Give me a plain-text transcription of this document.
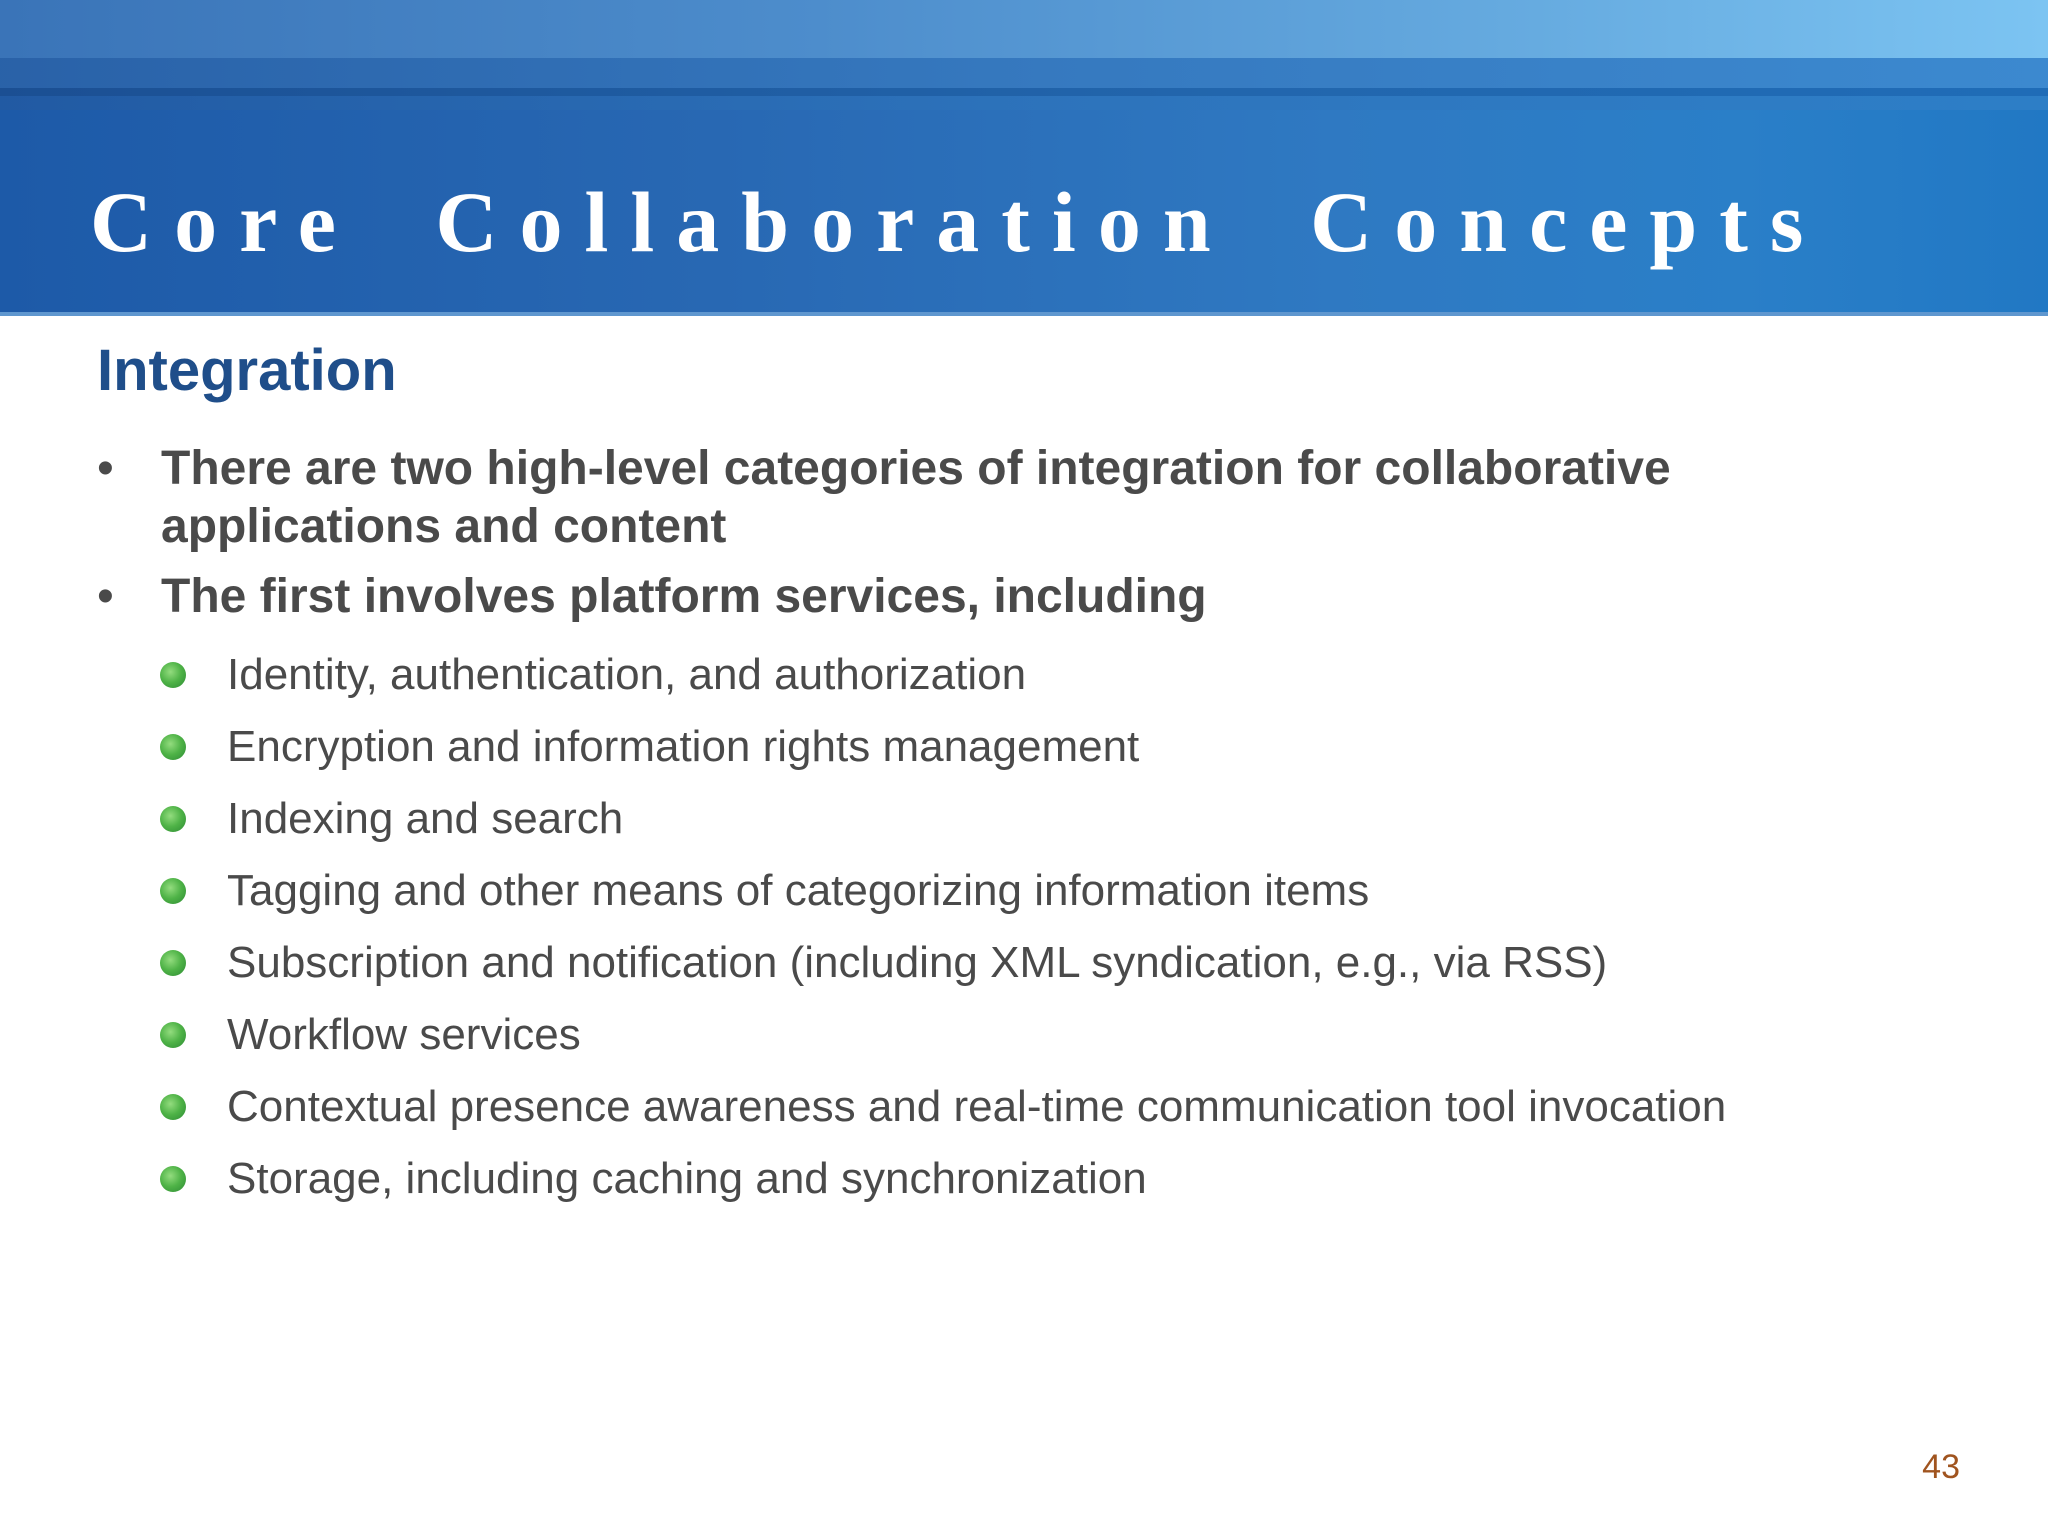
Core Collaboration Concepts
Integration
• There are two high-level categories of integration for collaborative applications and content
• The first involves platform services, including
Identity, authentication, and authorization
Encryption and information rights management
Indexing and search
Tagging and other means of categorizing information items
Subscription and notification (including XML syndication, e.g., via RSS)
Workflow services
Contextual presence awareness and real-time communication tool invocation
Storage, including caching and synchronization
43
